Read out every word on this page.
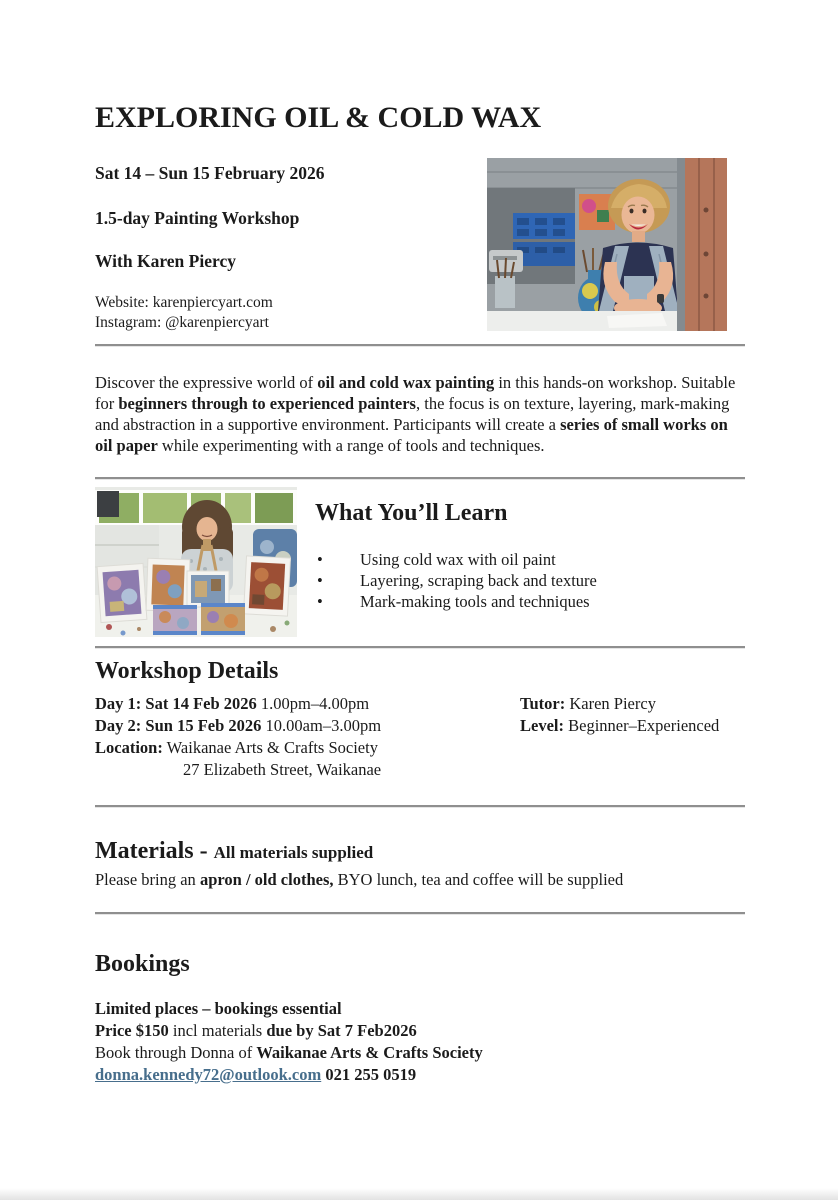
EXPLORING OIL & COLD WAX

Sat 14 – Sun 15 February 2026

1.5-day Painting Workshop

With Karen Piercy

Website: karenpiercyart.com

Instagram: @karenpiercyart

Discover the expressive world of oil and cold wax painting in this hands-on workshop. Suitable for beginners through to experienced painters, the focus is on texture, layering, mark-making and abstraction in a supportive environment. Participants will create a series of small works on oil paper while experimenting with a range of tools and techniques.

What You’ll Learn
• Using cold wax with oil paint
• Layering, scraping back and texture
• Mark-making tools and techniques
Workshop Details
Day 1: Sat 14 Feb 2026 1.00pm–4.00pm
Day 2: Sun 15 Feb 2026 10.00am–3.00pm
Location: Waikanae Arts & Crafts Society
27 Elizabeth Street, Waikanae
Tutor: Karen Piercy
Level: Beginner–Experienced
Materials - All materials supplied

Please bring an apron / old clothes, BYO lunch, tea and coffee will be supplied

Bookings
Limited places – bookings essential
Price $150 incl materials due by Sat 7 Feb2026
Book through Donna of Waikanae Arts & Crafts Society
donna.kennedy72@outlook.com 021 255 0519
